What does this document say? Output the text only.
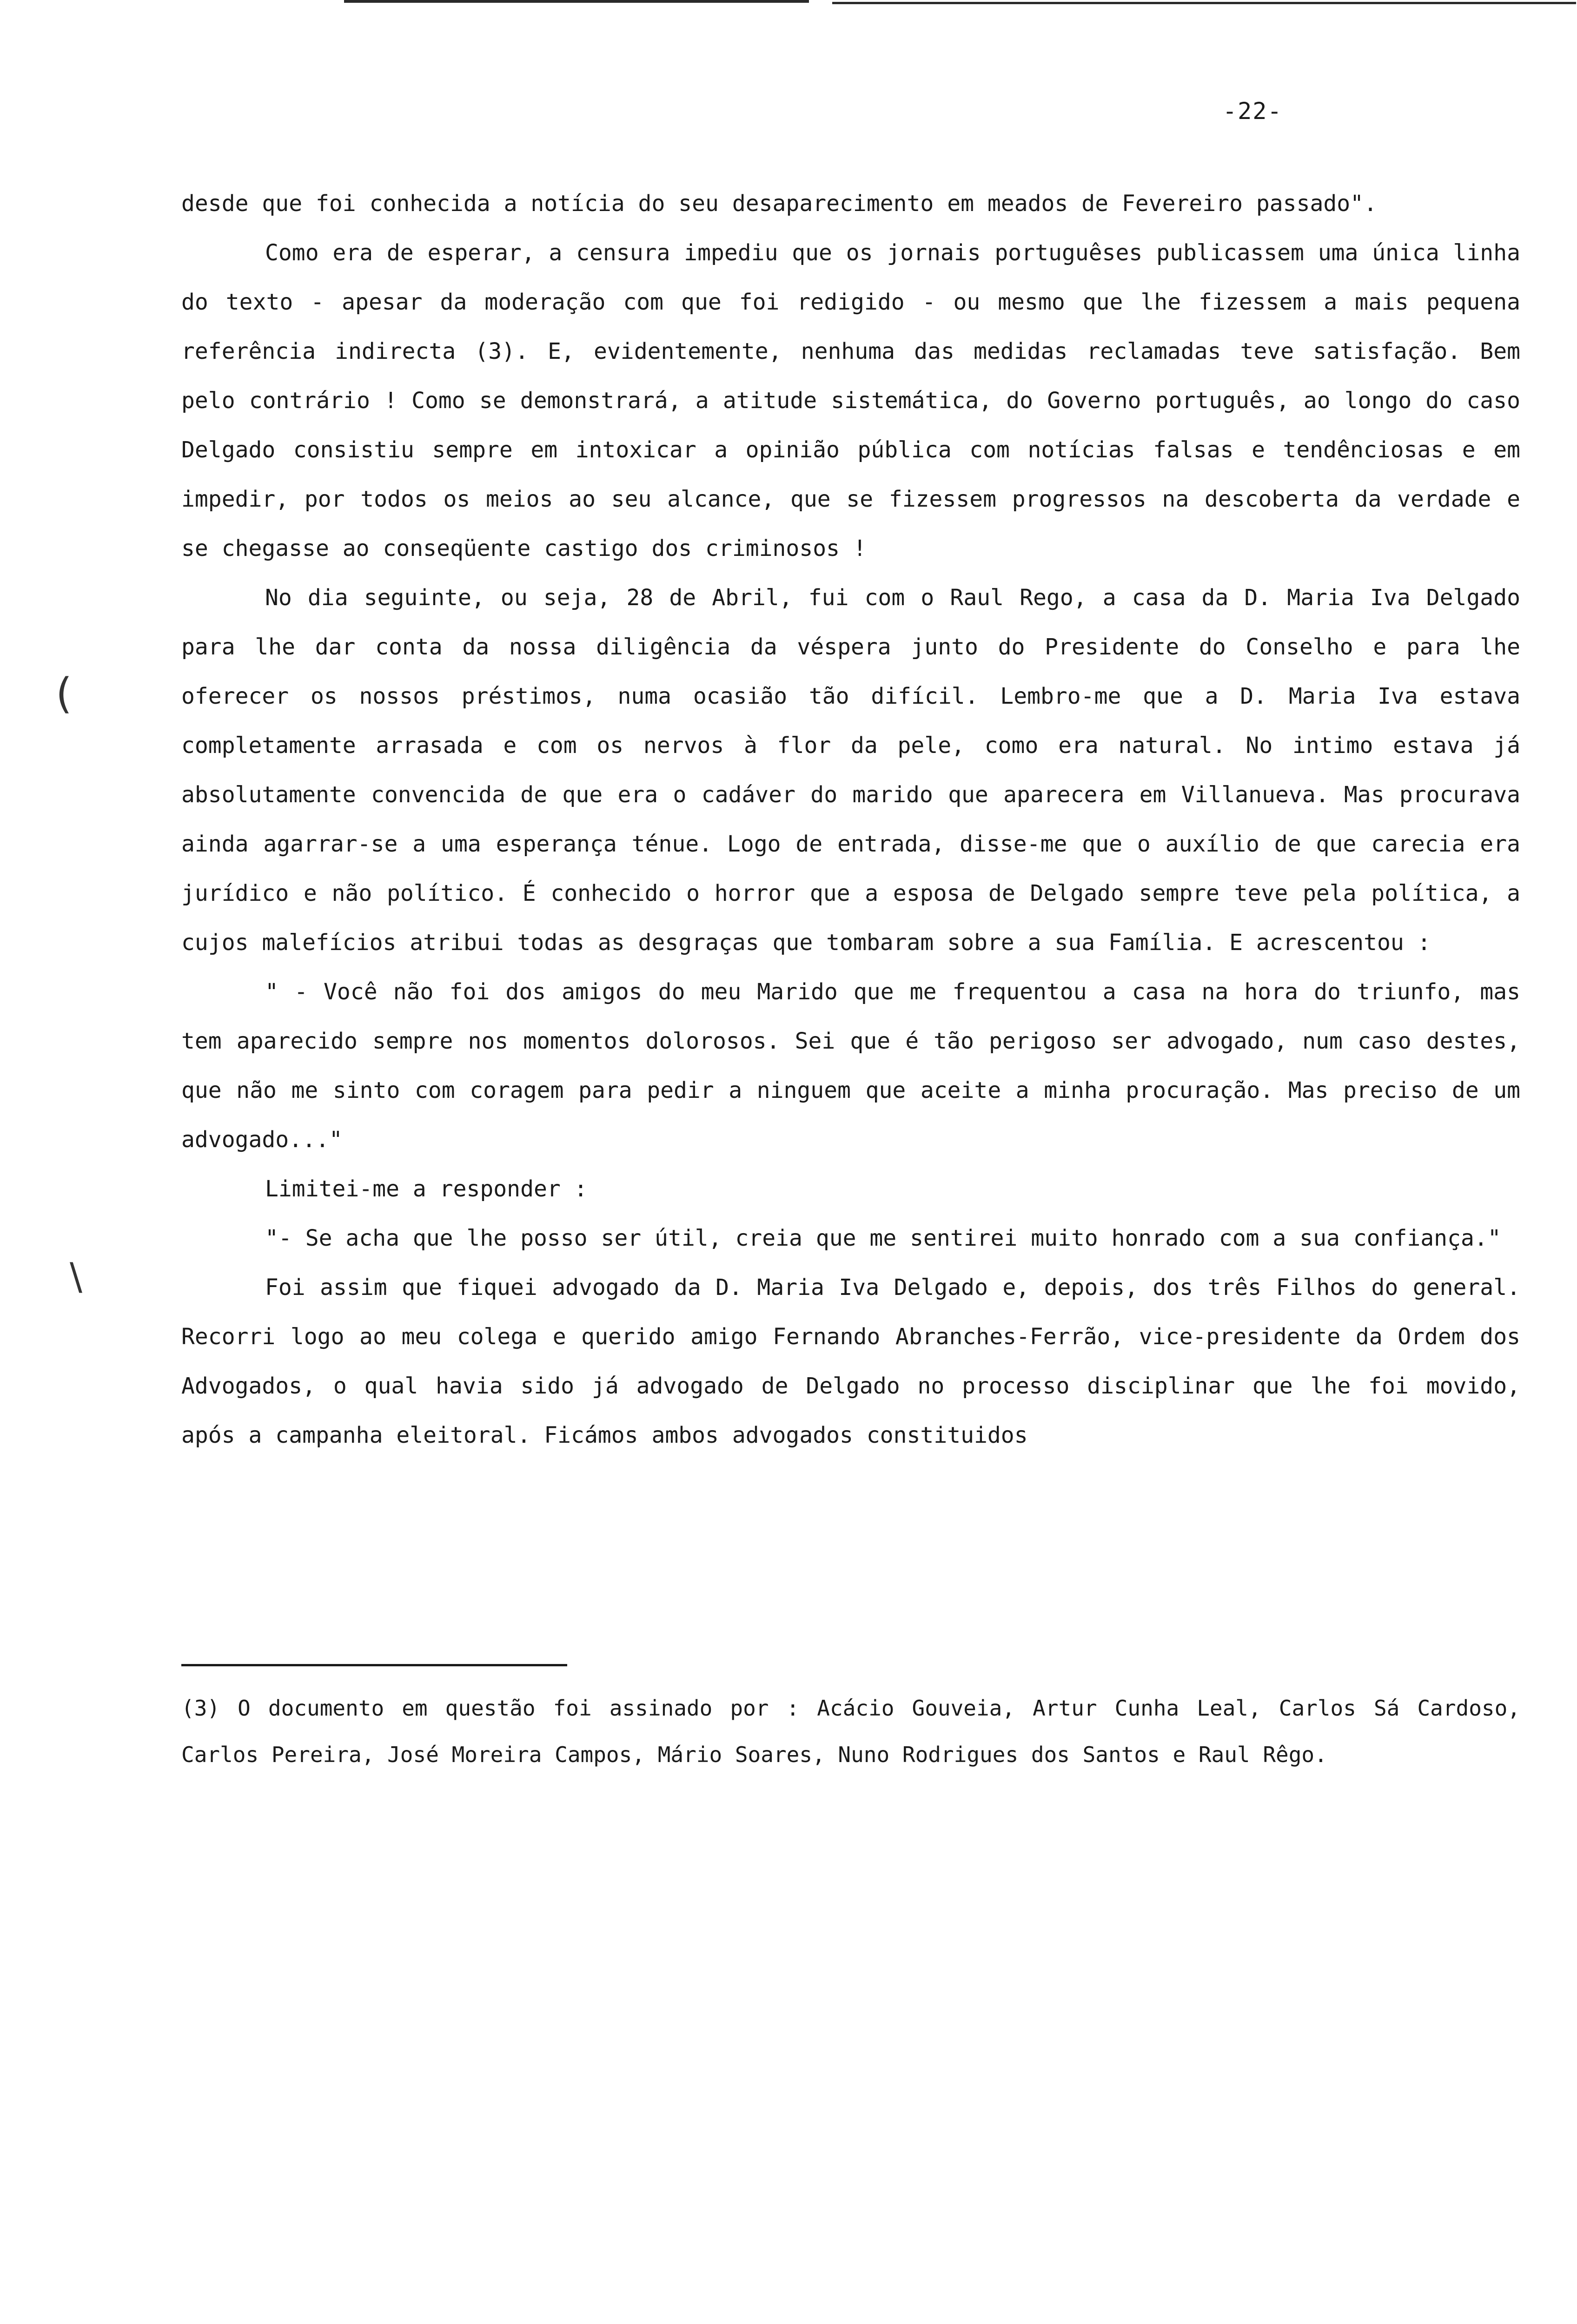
-22-

desde que foi conhecida a notícia do seu desaparecimento em meados de Fevereiro passado".

Como era de esperar, a censura impediu que os jornais portuguêses publicassem uma única linha do texto - apesar da moderação com que foi redigido - ou mesmo que lhe fizessem a mais pequena referência indirecta (3). E, evidentemente, nenhuma das medidas reclamadas teve satisfação. Bem pelo contrário ! Como se demonstrará, a atitude sistemática, do Governo português, ao longo do caso Delgado consistiu sempre em intoxicar a opinião pública com notícias falsas e tendênciosas e em impedir, por todos os meios ao seu alcance, que se fizessem progressos na descoberta da verdade e se chegasse ao conseqüente castigo dos criminosos !

No dia seguinte, ou seja, 28 de Abril, fui com o Raul Rego, a casa da D. Maria Iva Delgado para lhe dar conta da nossa diligência da véspera junto do Presidente do Conselho e para lhe oferecer os nossos préstimos, numa ocasião tão difícil. Lembro-me que a D. Maria Iva estava completamente arrasada e com os nervos à flor da pele, como era natural. No intimo estava já absolutamente convencida de que era o cadáver do marido que aparecera em Villanueva. Mas procurava ainda agarrar-se a uma esperança ténue. Logo de entrada, disse-me que o auxílio de que carecia era jurídico e não político. É conhecido o horror que a esposa de Delgado sempre teve pela política, a cujos malefícios atribui todas as desgraças que tombaram sobre a sua Família. E acrescentou :

" - Você não foi dos amigos do meu Marido que me frequentou a casa na hora do triunfo, mas tem aparecido sempre nos momentos dolorosos. Sei que é tão perigoso ser advogado, num caso destes, que não me sinto com coragem para pedir a ninguem que aceite a minha procuração. Mas preciso de um advogado..."

Limitei-me a responder :

"- Se acha que lhe posso ser útil, creia que me sentirei muito honrado com a sua confiança."

Foi assim que fiquei advogado da D. Maria Iva Delgado e, depois, dos três Filhos do general. Recorri logo ao meu colega e querido amigo Fernando Abranches-Ferrão, vice-presidente da Ordem dos Advogados, o qual havia sido já advogado de Delgado no processo disciplinar que lhe foi movido, após a campanha eleitoral. Ficámos ambos advogados constituidos

(3) O documento em questão foi assinado por : Acácio Gouveia, Artur Cunha Leal, Carlos Sá Cardoso, Carlos Pereira, José Moreira Campos, Mário Soares, Nuno Rodrigues dos Santos e Raul Rêgo.

(
\
